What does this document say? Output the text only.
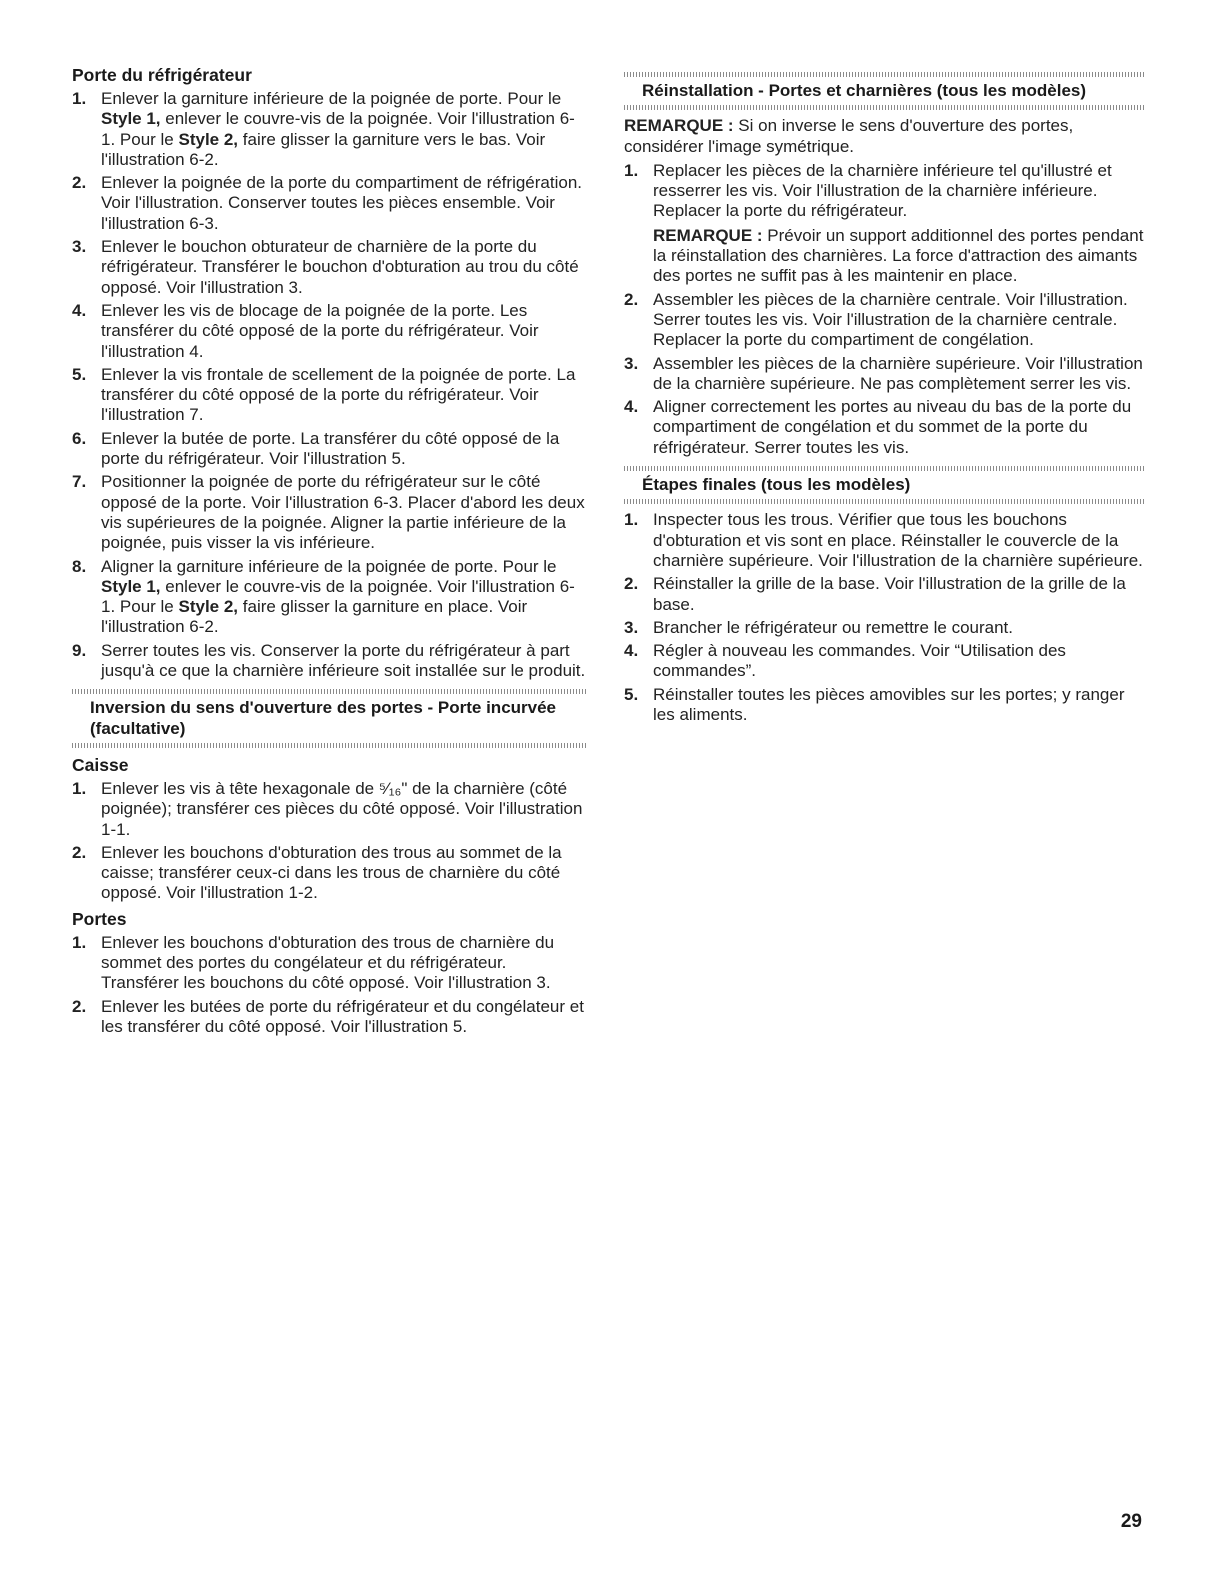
Porte du réfrigérateur
1. Enlever la garniture inférieure de la poignée de porte. Pour le Style 1, enlever le couvre-vis de la poignée. Voir l'illustration 6-1. Pour le Style 2, faire glisser la garniture vers le bas. Voir l'illustration 6-2.
2. Enlever la poignée de la porte du compartiment de réfrigération. Voir l'illustration. Conserver toutes les pièces ensemble. Voir l'illustration 6-3.
3. Enlever le bouchon obturateur de charnière de la porte du réfrigérateur. Transférer le bouchon d'obturation au trou du côté opposé. Voir l'illustration 3.
4. Enlever les vis de blocage de la poignée de la porte. Les transférer du côté opposé de la porte du réfrigérateur. Voir l'illustration 4.
5. Enlever la vis frontale de scellement de la poignée de porte. La transférer du côté opposé de la porte du réfrigérateur. Voir l'illustration 7.
6. Enlever la butée de porte. La transférer du côté opposé de la porte du réfrigérateur. Voir l'illustration 5.
7. Positionner la poignée de porte du réfrigérateur sur le côté opposé de la porte. Voir l'illustration 6-3. Placer d'abord les deux vis supérieures de la poignée. Aligner la partie inférieure de la poignée, puis visser la vis inférieure.
8. Aligner la garniture inférieure de la poignée de porte. Pour le Style 1, enlever le couvre-vis de la poignée. Voir l'illustration 6-1. Pour le Style 2, faire glisser la garniture en place. Voir l'illustration 6-2.
9. Serrer toutes les vis. Conserver la porte du réfrigérateur à part jusqu'à ce que la charnière inférieure soit installée sur le produit.
Inversion du sens d'ouverture des portes - Porte incurvée (facultative)
Caisse
1. Enlever les vis à tête hexagonale de ⁵⁄₁₆" de la charnière (côté poignée); transférer ces pièces du côté opposé. Voir l'illustration 1-1.
2. Enlever les bouchons d'obturation des trous au sommet de la caisse; transférer ceux-ci dans les trous de charnière du côté opposé. Voir l'illustration 1-2.
Portes
1. Enlever les bouchons d'obturation des trous de charnière du sommet des portes du congélateur et du réfrigérateur. Transférer les bouchons du côté opposé. Voir l'illustration 3.
2. Enlever les butées de porte du réfrigérateur et du congélateur et les transférer du côté opposé. Voir l'illustration 5.
Réinstallation - Portes et charnières (tous les modèles)

REMARQUE : Si on inverse le sens d'ouverture des portes, considérer l'image symétrique.

1. Replacer les pièces de la charnière inférieure tel qu'illustré et resserrer les vis. Voir l'illustration de la charnière inférieure. Replacer la porte du réfrigérateur.
REMARQUE : Prévoir un support additionnel des portes pendant la réinstallation des charnières. La force d'attraction des aimants des portes ne suffit pas à les maintenir en place.
2. Assembler les pièces de la charnière centrale. Voir l'illustration. Serrer toutes les vis. Voir l'illustration de la charnière centrale. Replacer la porte du compartiment de congélation.
3. Assembler les pièces de la charnière supérieure. Voir l'illustration de la charnière supérieure. Ne pas complètement serrer les vis.
4. Aligner correctement les portes au niveau du bas de la porte du compartiment de congélation et du sommet de la porte du réfrigérateur. Serrer toutes les vis.
Étapes finales (tous les modèles)
1. Inspecter tous les trous. Vérifier que tous les bouchons d'obturation et vis sont en place. Réinstaller le couvercle de la charnière supérieure. Voir l'illustration de la charnière supérieure.
2. Réinstaller la grille de la base. Voir l'illustration de la grille de la base.
3. Brancher le réfrigérateur ou remettre le courant.
4. Régler à nouveau les commandes. Voir “Utilisation des commandes”.
5. Réinstaller toutes les pièces amovibles sur les portes; y ranger les aliments.
29
